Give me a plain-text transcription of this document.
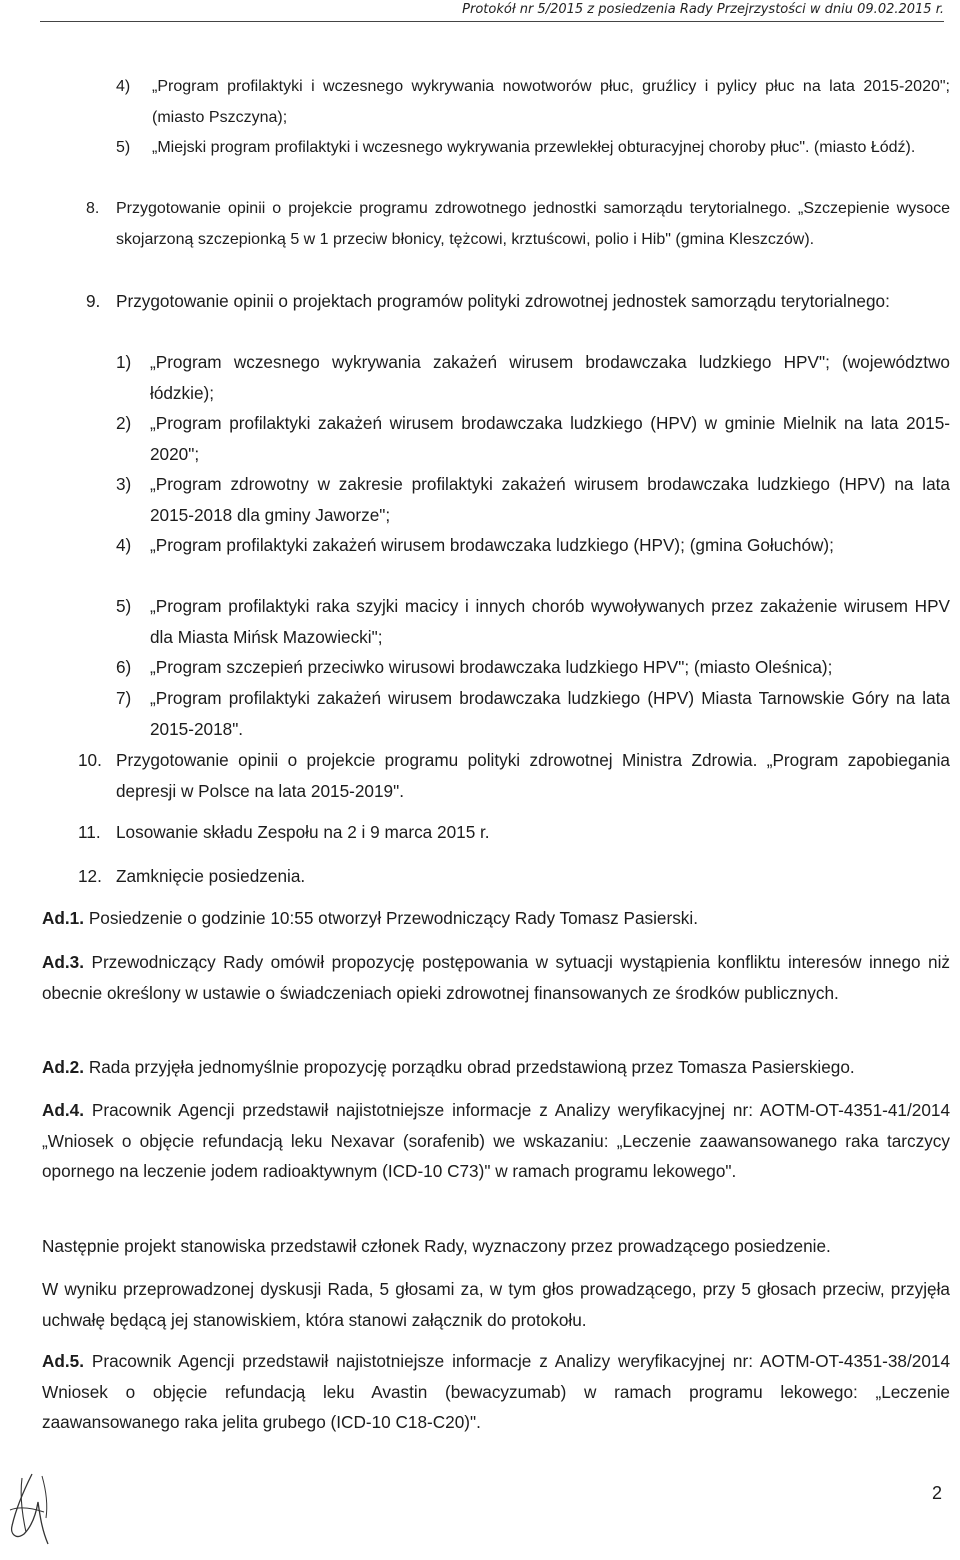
Protokół nr 5/2015 z posiedzenia Rady Przejrzystości w dniu 09.02.2015 r.
4) „Program profilaktyki i wczesnego wykrywania nowotworów płuc, gruźlicy i pylicy płuc na lata 2015-2020"; (miasto Pszczyna);
5) „Miejski program profilaktyki i wczesnego wykrywania przewlekłej obturacyjnej choroby płuc". (miasto Łódź).
8. Przygotowanie opinii o projekcie programu zdrowotnego jednostki samorządu terytorialnego. „Szczepienie wysoce skojarzoną szczepionką 5 w 1 przeciw błonicy, tężcowi, krztuścowi, polio i Hib" (gmina Kleszczów).
9. Przygotowanie opinii o projektach programów polityki zdrowotnej jednostek samorządu terytorialnego:
1) „Program wczesnego wykrywania zakażeń wirusem brodawczaka ludzkiego HPV"; (województwo łódzkie);
2) „Program profilaktyki zakażeń wirusem brodawczaka ludzkiego (HPV) w gminie Mielnik na lata 2015-2020";
3) „Program zdrowotny w zakresie profilaktyki zakażeń wirusem brodawczaka ludzkiego (HPV) na lata 2015-2018 dla gminy Jaworze";
4) „Program profilaktyki zakażeń wirusem brodawczaka ludzkiego (HPV); (gmina Gołuchów);
5) „Program profilaktyki raka szyjki macicy i innych chorób wywoływanych przez zakażenie wirusem HPV dla Miasta Mińsk Mazowiecki";
6) „Program szczepień przeciwko wirusowi brodawczaka ludzkiego HPV"; (miasto Oleśnica);
7) „Program profilaktyki zakażeń wirusem brodawczaka ludzkiego (HPV) Miasta Tarnowskie Góry na lata 2015-2018".
10. Przygotowanie opinii o projekcie programu polityki zdrowotnej Ministra Zdrowia. „Program zapobiegania depresji w Polsce na lata 2015-2019".
11. Losowanie składu Zespołu na 2 i 9 marca 2015 r.
12. Zamknięcie posiedzenia.
Ad.1. Posiedzenie o godzinie 10:55 otworzył Przewodniczący Rady Tomasz Pasierski.
Ad.3. Przewodniczący Rady omówił propozycję postępowania w sytuacji wystąpienia konfliktu interesów innego niż obecnie określony w ustawie o świadczeniach opieki zdrowotnej finansowanych ze środków publicznych.
Ad.2. Rada przyjęła jednomyślnie propozycję porządku obrad przedstawioną przez Tomasza Pasierskiego.
Ad.4. Pracownik Agencji przedstawił najistotniejsze informacje z Analizy weryfikacyjnej nr: AOTM-OT-4351-41/2014 „Wniosek o objęcie refundacją leku Nexavar (sorafenib) we wskazaniu: „Leczenie zaawansowanego raka tarczycy opornego na leczenie jodem radioaktywnym (ICD-10 C73)" w ramach programu lekowego".
Następnie projekt stanowiska przedstawił członek Rady, wyznaczony przez prowadzącego posiedzenie.
W wyniku przeprowadzonej dyskusji Rada, 5 głosami za, w tym głos prowadzącego, przy 5 głosach przeciw, przyjęła uchwałę będącą jej stanowiskiem, która stanowi załącznik do protokołu.
Ad.5. Pracownik Agencji przedstawił najistotniejsze informacje z Analizy weryfikacyjnej nr: AOTM-OT-4351-38/2014 Wniosek o objęcie refundacją leku Avastin (bewacyzumab) w ramach programu lekowego: „Leczenie zaawansowanego raka jelita grubego (ICD-10 C18-C20)".
2
